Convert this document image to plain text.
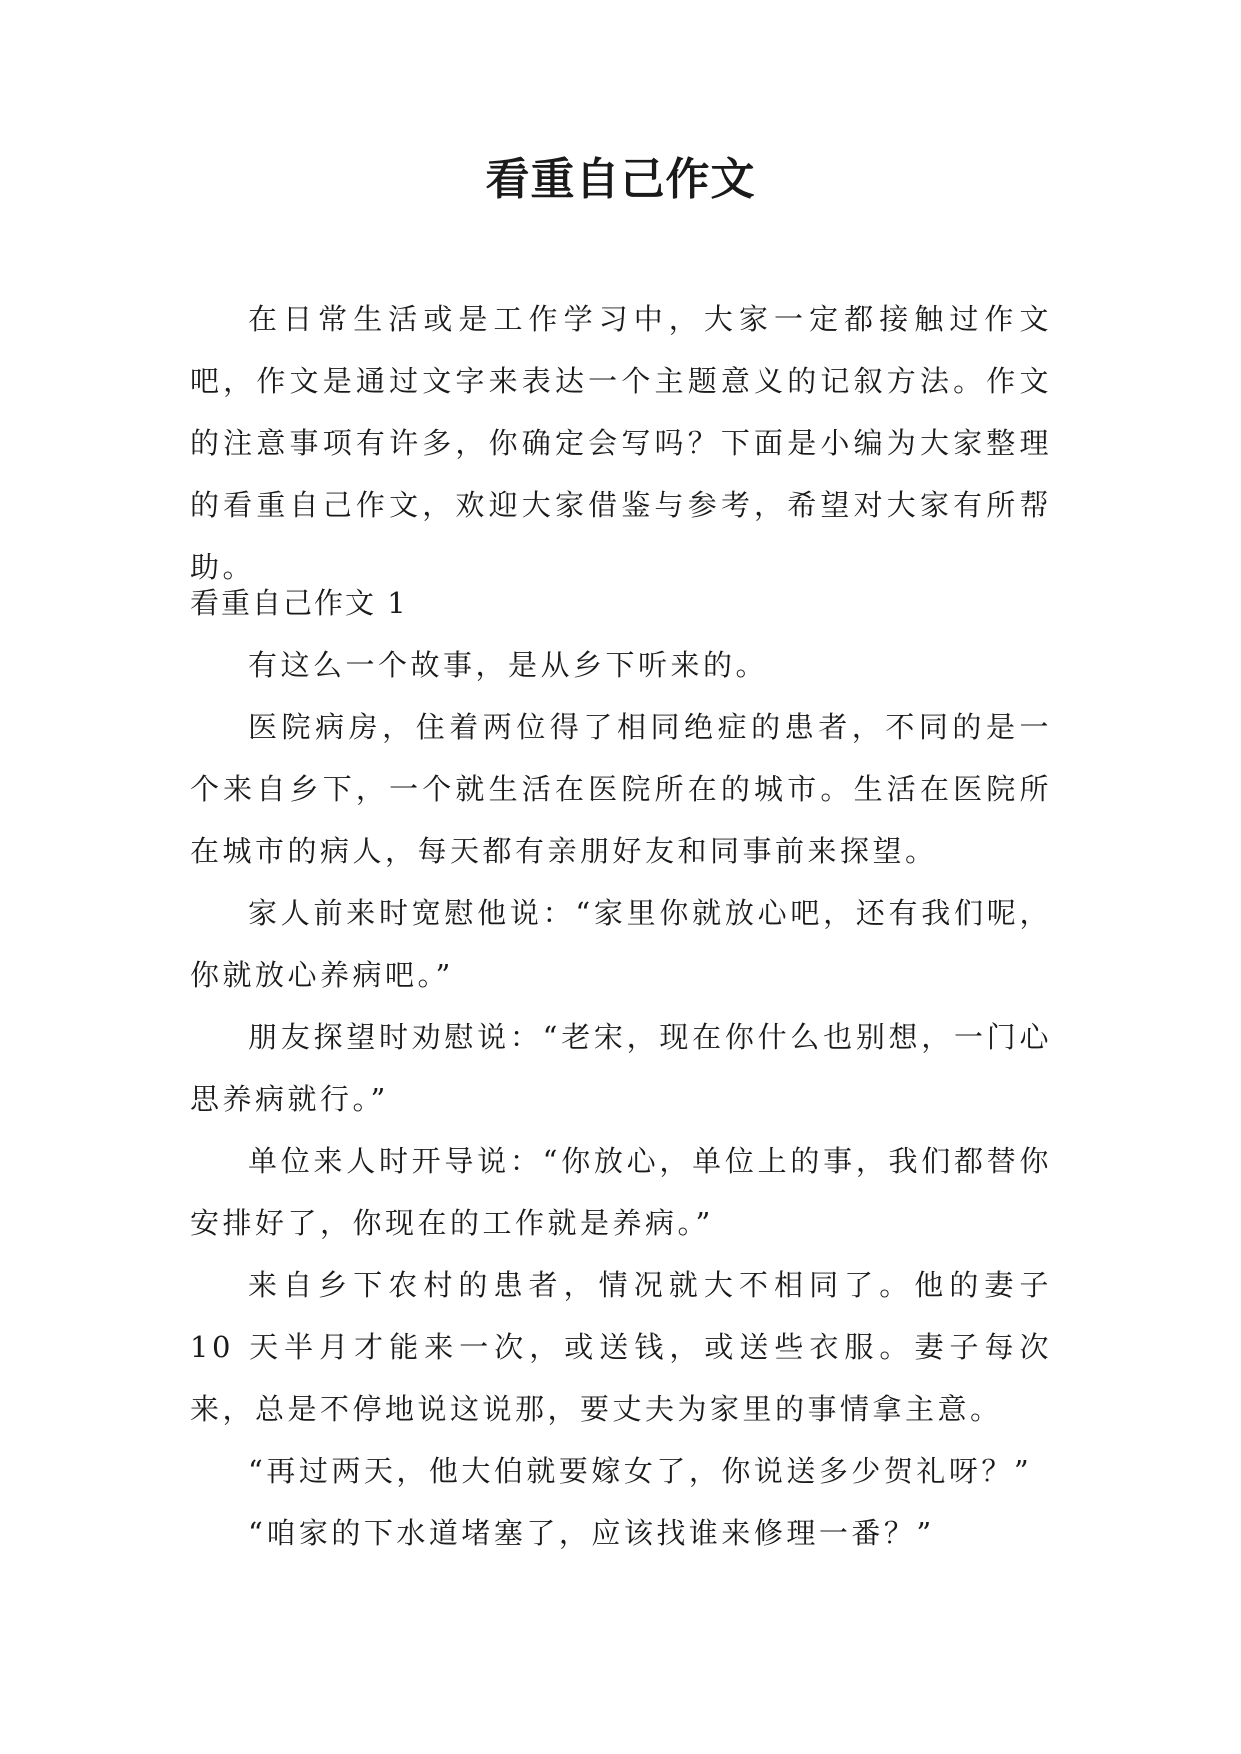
看重自己作文

在日常生活或是工作学习中，大家一定都接触过作文吧，作文是通过文字来表达一个主题意义的记叙方法。作文的注意事项有许多，你确定会写吗？下面是小编为大家整理的看重自己作文，欢迎大家借鉴与参考，希望对大家有所帮助。

看重自己作文 1

有这么一个故事，是从乡下听来的。

医院病房，住着两位得了相同绝症的患者，不同的是一个来自乡下，一个就生活在医院所在的城市。生活在医院所在城市的病人，每天都有亲朋好友和同事前来探望。

家人前来时宽慰他说：“家里你就放心吧，还有我们呢，你就放心养病吧。”

朋友探望时劝慰说：“老宋，现在你什么也别想，一门心思养病就行。”

单位来人时开导说：“你放心，单位上的事，我们都替你安排好了，你现在的工作就是养病。”

来自乡下农村的患者，情况就大不相同了。他的妻子 10 天半月才能来一次，或送钱，或送些衣服。妻子每次来，总是不停地说这说那，要丈夫为家里的事情拿主意。

“再过两天，他大伯就要嫁女了，你说送多少贺礼呀？”

“咱家的下水道堵塞了，应该找谁来修理一番？”
